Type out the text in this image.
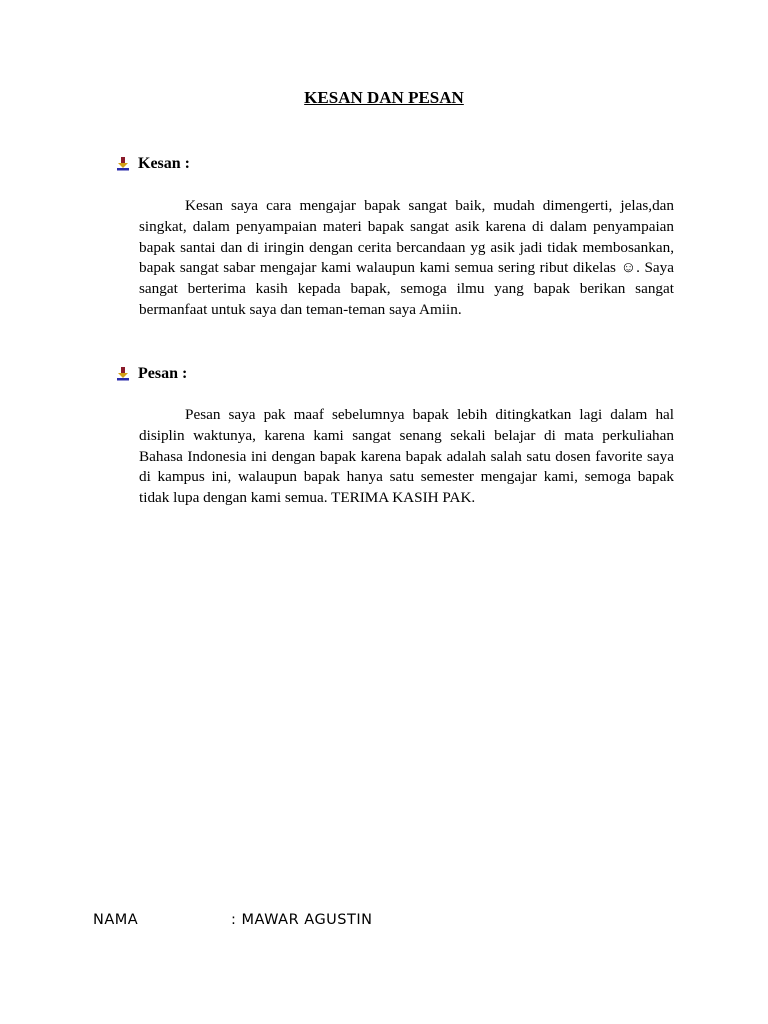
KESAN DAN PESAN
Kesan :

Kesan saya cara mengajar bapak sangat baik, mudah dimengerti, jelas,dan singkat, dalam penyampaian materi bapak sangat asik karena di dalam penyampaian bapak santai dan di iringin dengan cerita bercandaan yg asik jadi tidak membosankan, bapak sangat sabar mengajar kami walaupun kami semua sering ribut dikelas ☺. Saya sangat berterima kasih kepada bapak, semoga ilmu yang bapak berikan sangat bermanfaat untuk saya dan teman-teman saya Amiin.

Pesan :

Pesan saya pak maaf sebelumnya bapak lebih ditingkatkan lagi dalam hal disiplin waktunya, karena kami sangat senang sekali belajar di mata perkuliahan Bahasa Indonesia ini dengan bapak karena bapak adalah salah satu dosen favorite saya di kampus ini, walaupun bapak hanya satu semester mengajar kami, semoga bapak tidak lupa dengan kami semua. TERIMA KASIH PAK.

NAMA	: MAWAR AGUSTIN
